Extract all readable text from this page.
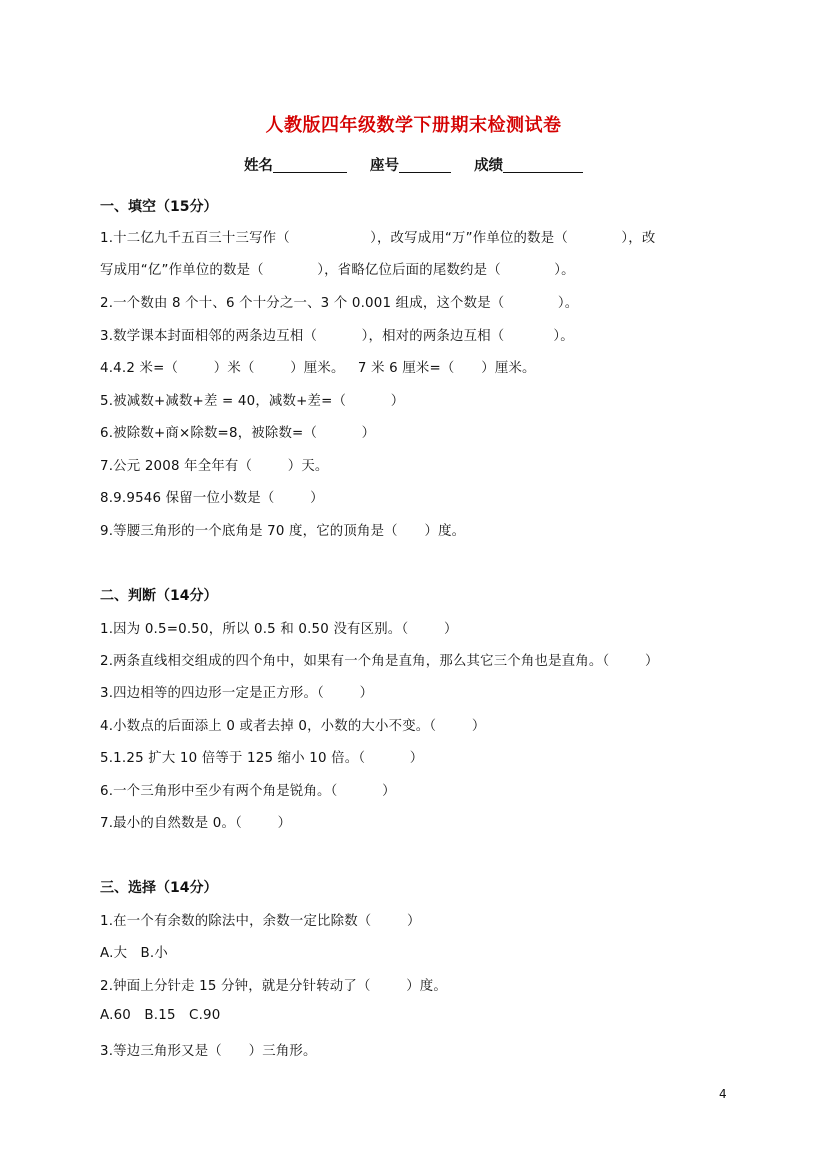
人教版四年级数学下册期末检测试卷
姓名	座号	成绩
一、填空（15分）
1.十二亿九千五百三十三写作（                  ），改写成用“万”作单位的数是（            ），改
写成用“亿”作单位的数是（            ），省略亿位后面的尾数约是（            ）。
2.一个数由 8 个十、6 个十分之一、3 个 0.001 组成，这个数是（            ）。
3.数学课本封面相邻的两条边互相（          ），相对的两条边互相（           ）。
4.4.2 米=（        ）米（        ）厘米。   7 米 6 厘米=（      ）厘米。
5.被减数+减数+差 = 40，减数+差=（          ）
6.被除数+商×除数=8，被除数=（          ）
7.公元 2008 年全年有（        ）天。
8.9.9546 保留一位小数是（        ）
9.等腰三角形的一个底角是 70 度，它的顶角是（      ）度。
二、判断（14分）
1.因为 0.5=0.50，所以 0.5 和 0.50 没有区别。（        ）
2.两条直线相交组成的四个角中，如果有一个角是直角，那么其它三个角也是直角。（        ）
3.四边相等的四边形一定是正方形。（        ）
4.小数点的后面添上 0 或者去掉 0，小数的大小不变。（        ）
5.1.25 扩大 10 倍等于 125 缩小 10 倍。（          ）
6.一个三角形中至少有两个角是锐角。（          ）
7.最小的自然数是 0。（        ）
三、选择（14分）
1.在一个有余数的除法中，余数一定比除数（        ）
A.大   B.小
2.钟面上分针走 15 分钟，就是分针转动了（        ）度。
A.60   B.15   C.90
3.等边三角形又是（      ）三角形。
4
